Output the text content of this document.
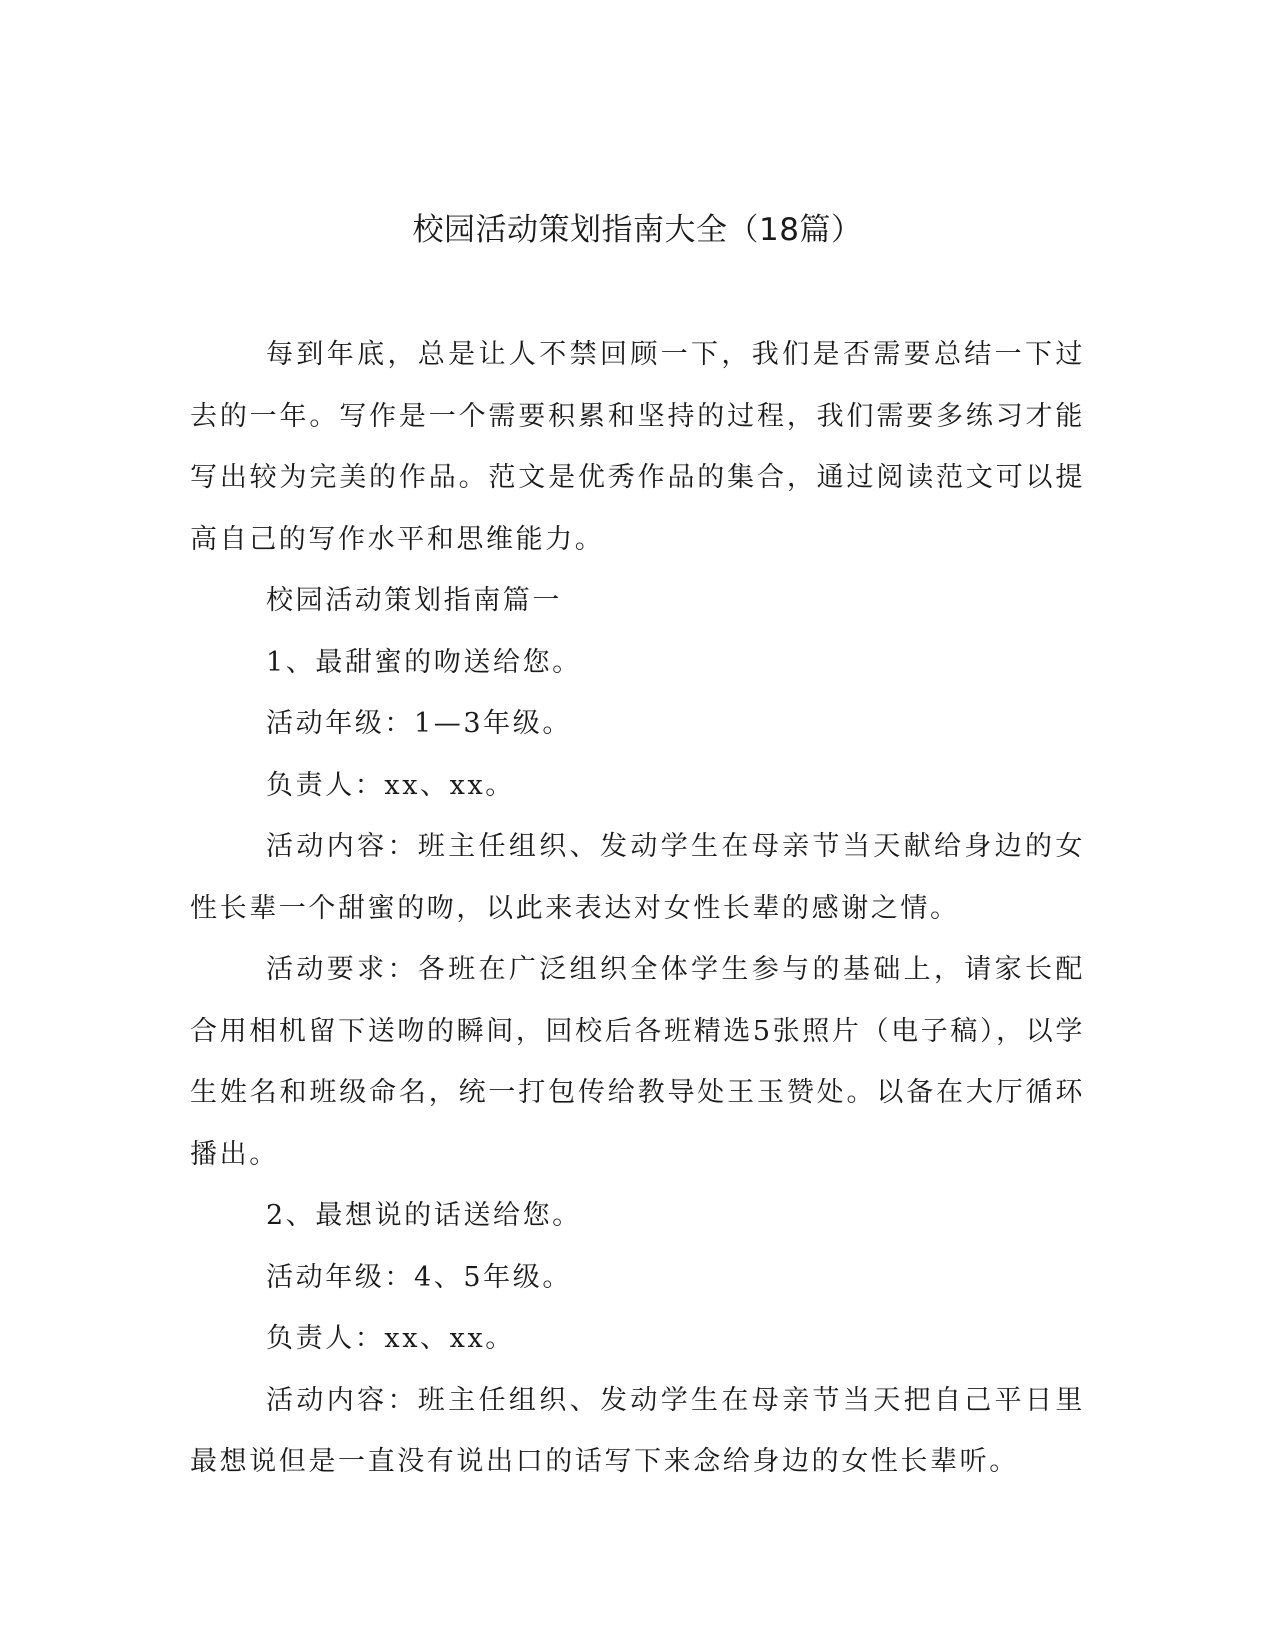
校园活动策划指南大全（18篇）

每到年底，总是让人不禁回顾一下，我们是否需要总结一下过去的一年。写作是一个需要积累和坚持的过程，我们需要多练习才能写出较为完美的作品。范文是优秀作品的集合，通过阅读范文可以提高自己的写作水平和思维能力。

校园活动策划指南篇一

1、最甜蜜的吻送给您。

活动年级：1—3年级。

负责人：xx、xx。

活动内容：班主任组织、发动学生在母亲节当天献给身边的女性长辈一个甜蜜的吻，以此来表达对女性长辈的感谢之情。

活动要求：各班在广泛组织全体学生参与的基础上，请家长配合用相机留下送吻的瞬间，回校后各班精选5张照片（电子稿），以学生姓名和班级命名，统一打包传给教导处王玉赞处。以备在大厅循环播出。

2、最想说的话送给您。

活动年级：4、5年级。

负责人：xx、xx。

活动内容：班主任组织、发动学生在母亲节当天把自己平日里最想说但是一直没有说出口的话写下来念给身边的女性长辈听。
